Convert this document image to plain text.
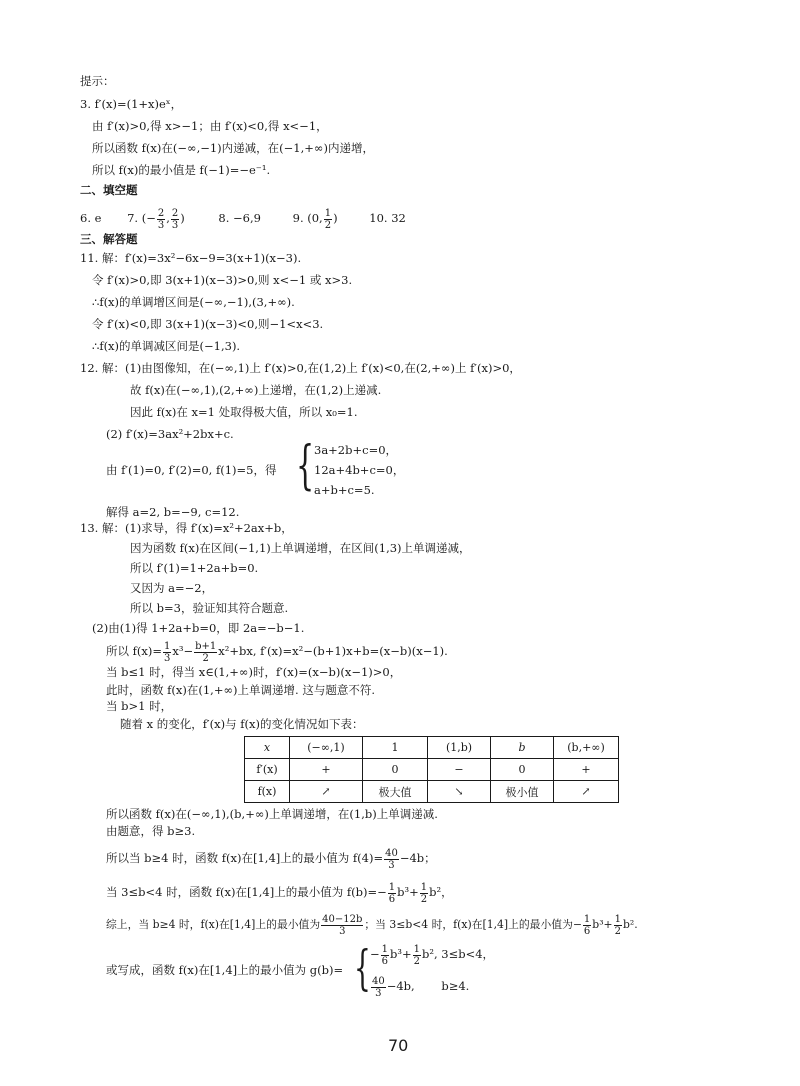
提示：
3. f′(x)=(1+x)eˣ，
由 f′(x)>0,得 x>−1；由 f′(x)<0,得 x<−1，
所以函数 f(x)在(−∞,−1)内递减，在(−1,+∞)内递增，
所以 f(x)的最小值是 f(−1)=−e⁻¹.
二、填空题
6. e 7. (− $\frac{2}{3}$ , $\frac{2}{3}$ )	8. −6,9	9. (0, $\frac{1}{2}$ )	10. 32
三、解答题
11. 解：f′(x)=3x²−6x−9=3(x+1)(x−3).
令 f′(x)>0,即 3(x+1)(x−3)>0,则 x<−1 或 x>3.
∴f(x)的单调增区间是(−∞,−1),(3,+∞).
令 f′(x)<0,即 3(x+1)(x−3)<0,则−1<x<3.
∴f(x)的单调减区间是(−1,3).
12. 解：(1)由图像知，在(−∞,1)上 f′(x)>0,在(1,2)上 f′(x)<0,在(2,+∞)上 f′(x)>0，
故 f(x)在(−∞,1),(2,+∞)上递增，在(1,2)上递减.
因此 f(x)在 x=1 处取得极大值，所以 x₀=1.
(2) f′(x)=3ax²+2bx+c.
由 f′(1)=0, f′(2)=0, f(1)=5，得 { 3a+2b+c=0，
12a+4b+c=0，
a+b+c=5.
解得 a=2, b=−9, c=12.
13. 解：(1)求导，得 f′(x)=x²+2ax+b，
因为函数 f(x)在区间(−1,1)上单调递增，在区间(1,3)上单调递减，
所以 f′(1)=1+2a+b=0.
又因为 a=−2，
所以 b=3，验证知其符合题意.
(2)由(1)得 1+2a+b=0，即 2a=−b−1.
所以 $f(x)= \frac{1}{3} x^3- \frac{b+1}{2} x^2+bx$, f′(x)=x²−(b+1)x+b=(x−b)(x−1).
当 b≤1 时，得当 x∈(1,+∞)时，f′(x)=(x−b)(x−1)>0，
此时，函数 f(x)在(1,+∞)上单调递增. 这与题意不符.
x	(−∞,1)	1	(1,b)	b	(b,+∞)
f′(x)	+	0	−	0	+
f(x)	↗	极大值	↘	极小值	↗
所以函数 f(x)在(−∞,1),(b,+∞)上单调递增，在(1,b)上单调递减.
由题意，得 b≥3.
所以当 b≥4 时，函数 f(x)在[1,4]上的最小值为 $f(4)= \frac{40}{3} -4b$；
当 3≤b<4 时，函数 f(x)在[1,4]上的最小值为 $f(b)=- \frac{1}{6} b^3+ \frac{1}{2} b^2$，
综上，当 b≥4 时，f(x)在[1,4]上的最小值为 $\frac{40-12b}{3}$ ；当 3≤b<4 时，f(x)在[1,4]上的最小值为− $\frac{1}{6} b^3+ \frac{1}{2} b^2$.
或写成，函数 f(x)在[1,4]上的最小值为 g(b)= { − $\frac{1}{6} b^3+ \frac{1}{2} b^2$, 3≤b<4，
$\frac{40}{3} -4b$,　　 b≥4.
70
随着 x 的变化，f′(x)与 f(x)的变化情况如下表：
当 b>1 时，
